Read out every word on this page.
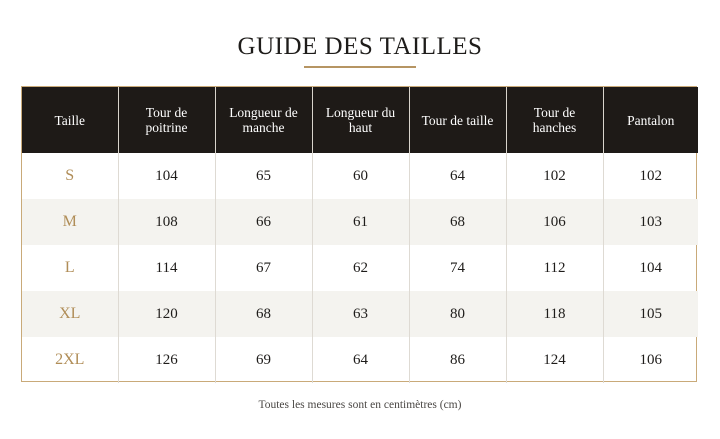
GUIDE DES TAILLES
Taille	Tour de poitrine	Longueur de manche	Longueur du haut	Tour de taille	Tour de hanches	Pantalon
S	104	65	60	64	102	102
M	108	66	61	68	106	103
L	114	67	62	74	112	104
XL	120	68	63	80	118	105
2XL	126	69	64	86	124	106
Toutes les mesures sont en centimètres (cm)
